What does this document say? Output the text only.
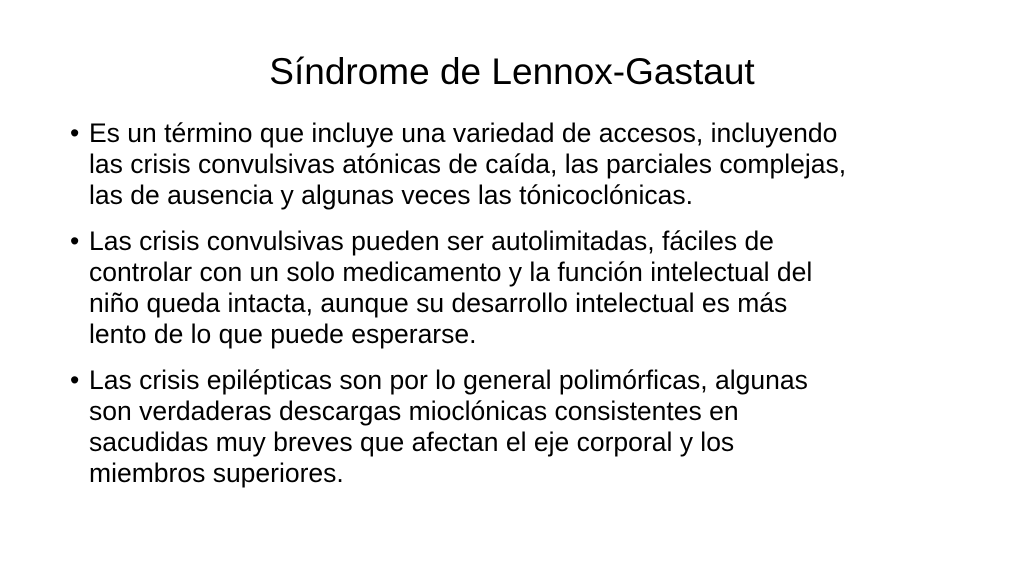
Síndrome de Lennox-Gastaut
• Es un término que incluye una variedad de accesos, incluyendo
las crisis convulsivas atónicas de caída, las parciales complejas,
las de ausencia y algunas veces las tónicoclónicas.
• Las crisis convulsivas pueden ser autolimitadas, fáciles de
controlar con un solo medicamento y la función intelectual del
niño queda intacta, aunque su desarrollo intelectual es más
lento de lo que puede esperarse.
• Las crisis epilépticas son por lo general polimórficas, algunas
son verdaderas descargas mioclónicas consistentes en
sacudidas muy breves que afectan el eje corporal y los
miembros superiores.
